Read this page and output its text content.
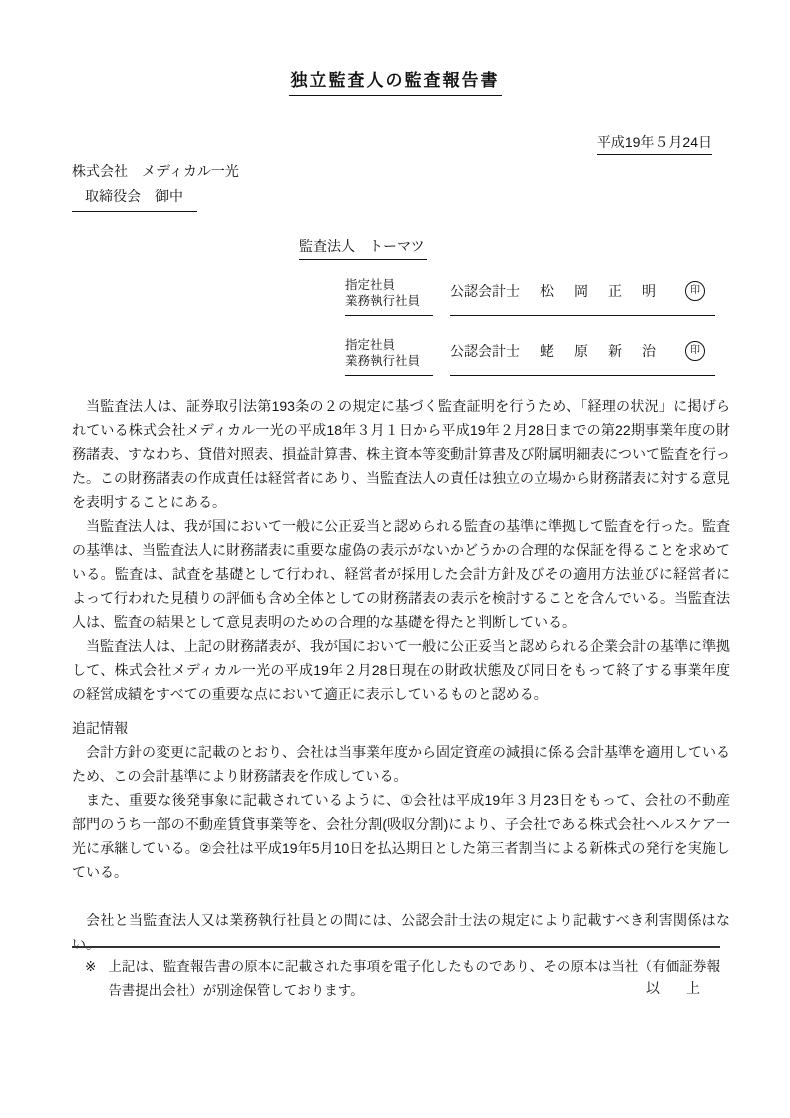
独立監査人の監査報告書
平成19年５月24日
株式会社　メディカル一光
取締役会　御中
監査法人　トーマツ
指定社員
業務執行社員
公認会計士 松　岡　正　明	印
指定社員
業務執行社員
公認会計士 蛯　原　新　治	印

当監査法人は、証券取引法第193条の２の規定に基づく監査証明を行うため、「経理の状況」に掲げられている株式会社メディカル一光の平成18年３月１日から平成19年２月28日までの第22期事業年度の財務諸表、すなわち、貸借対照表、損益計算書、株主資本等変動計算書及び附属明細表について監査を行った。この財務諸表の作成責任は経営者にあり、当監査法人の責任は独立の立場から財務諸表に対する意見を表明することにある。

当監査法人は、我が国において一般に公正妥当と認められる監査の基準に準拠して監査を行った。監査の基準は、当監査法人に財務諸表に重要な虚偽の表示がないかどうかの合理的な保証を得ることを求めている。監査は、試査を基礎として行われ、経営者が採用した会計方針及びその適用方法並びに経営者によって行われた見積りの評価も含め全体としての財務諸表の表示を検討することを含んでいる。当監査法人は、監査の結果として意見表明のための合理的な基礎を得たと判断している。

当監査法人は、上記の財務諸表が、我が国において一般に公正妥当と認められる企業会計の基準に準拠して、株式会社メディカル一光の平成19年２月28日現在の財政状態及び同日をもって終了する事業年度の経営成績をすべての重要な点において適正に表示しているものと認める。

追記情報

会計方針の変更に記載のとおり、会社は当事業年度から固定資産の減損に係る会計基準を適用しているため、この会計基準により財務諸表を作成している。

また、重要な後発事象に記載されているように、①会社は平成19年３月23日をもって、会社の不動産部門のうち一部の不動産賃貸事業等を、会社分割(吸収分割)により、子会社である株式会社ヘルスケア一光に承継している。②会社は平成19年5月10日を払込期日とした第三者割当による新株式の発行を実施している。

会社と当監査法人又は業務執行社員との間には、公認会計士法の規定により記載すべき利害関係はない。

以　上
※ 上記は、監査報告書の原本に記載された事項を電子化したものであり、その原本は当社（有価証券報告書提出会社）が別途保管しております。
